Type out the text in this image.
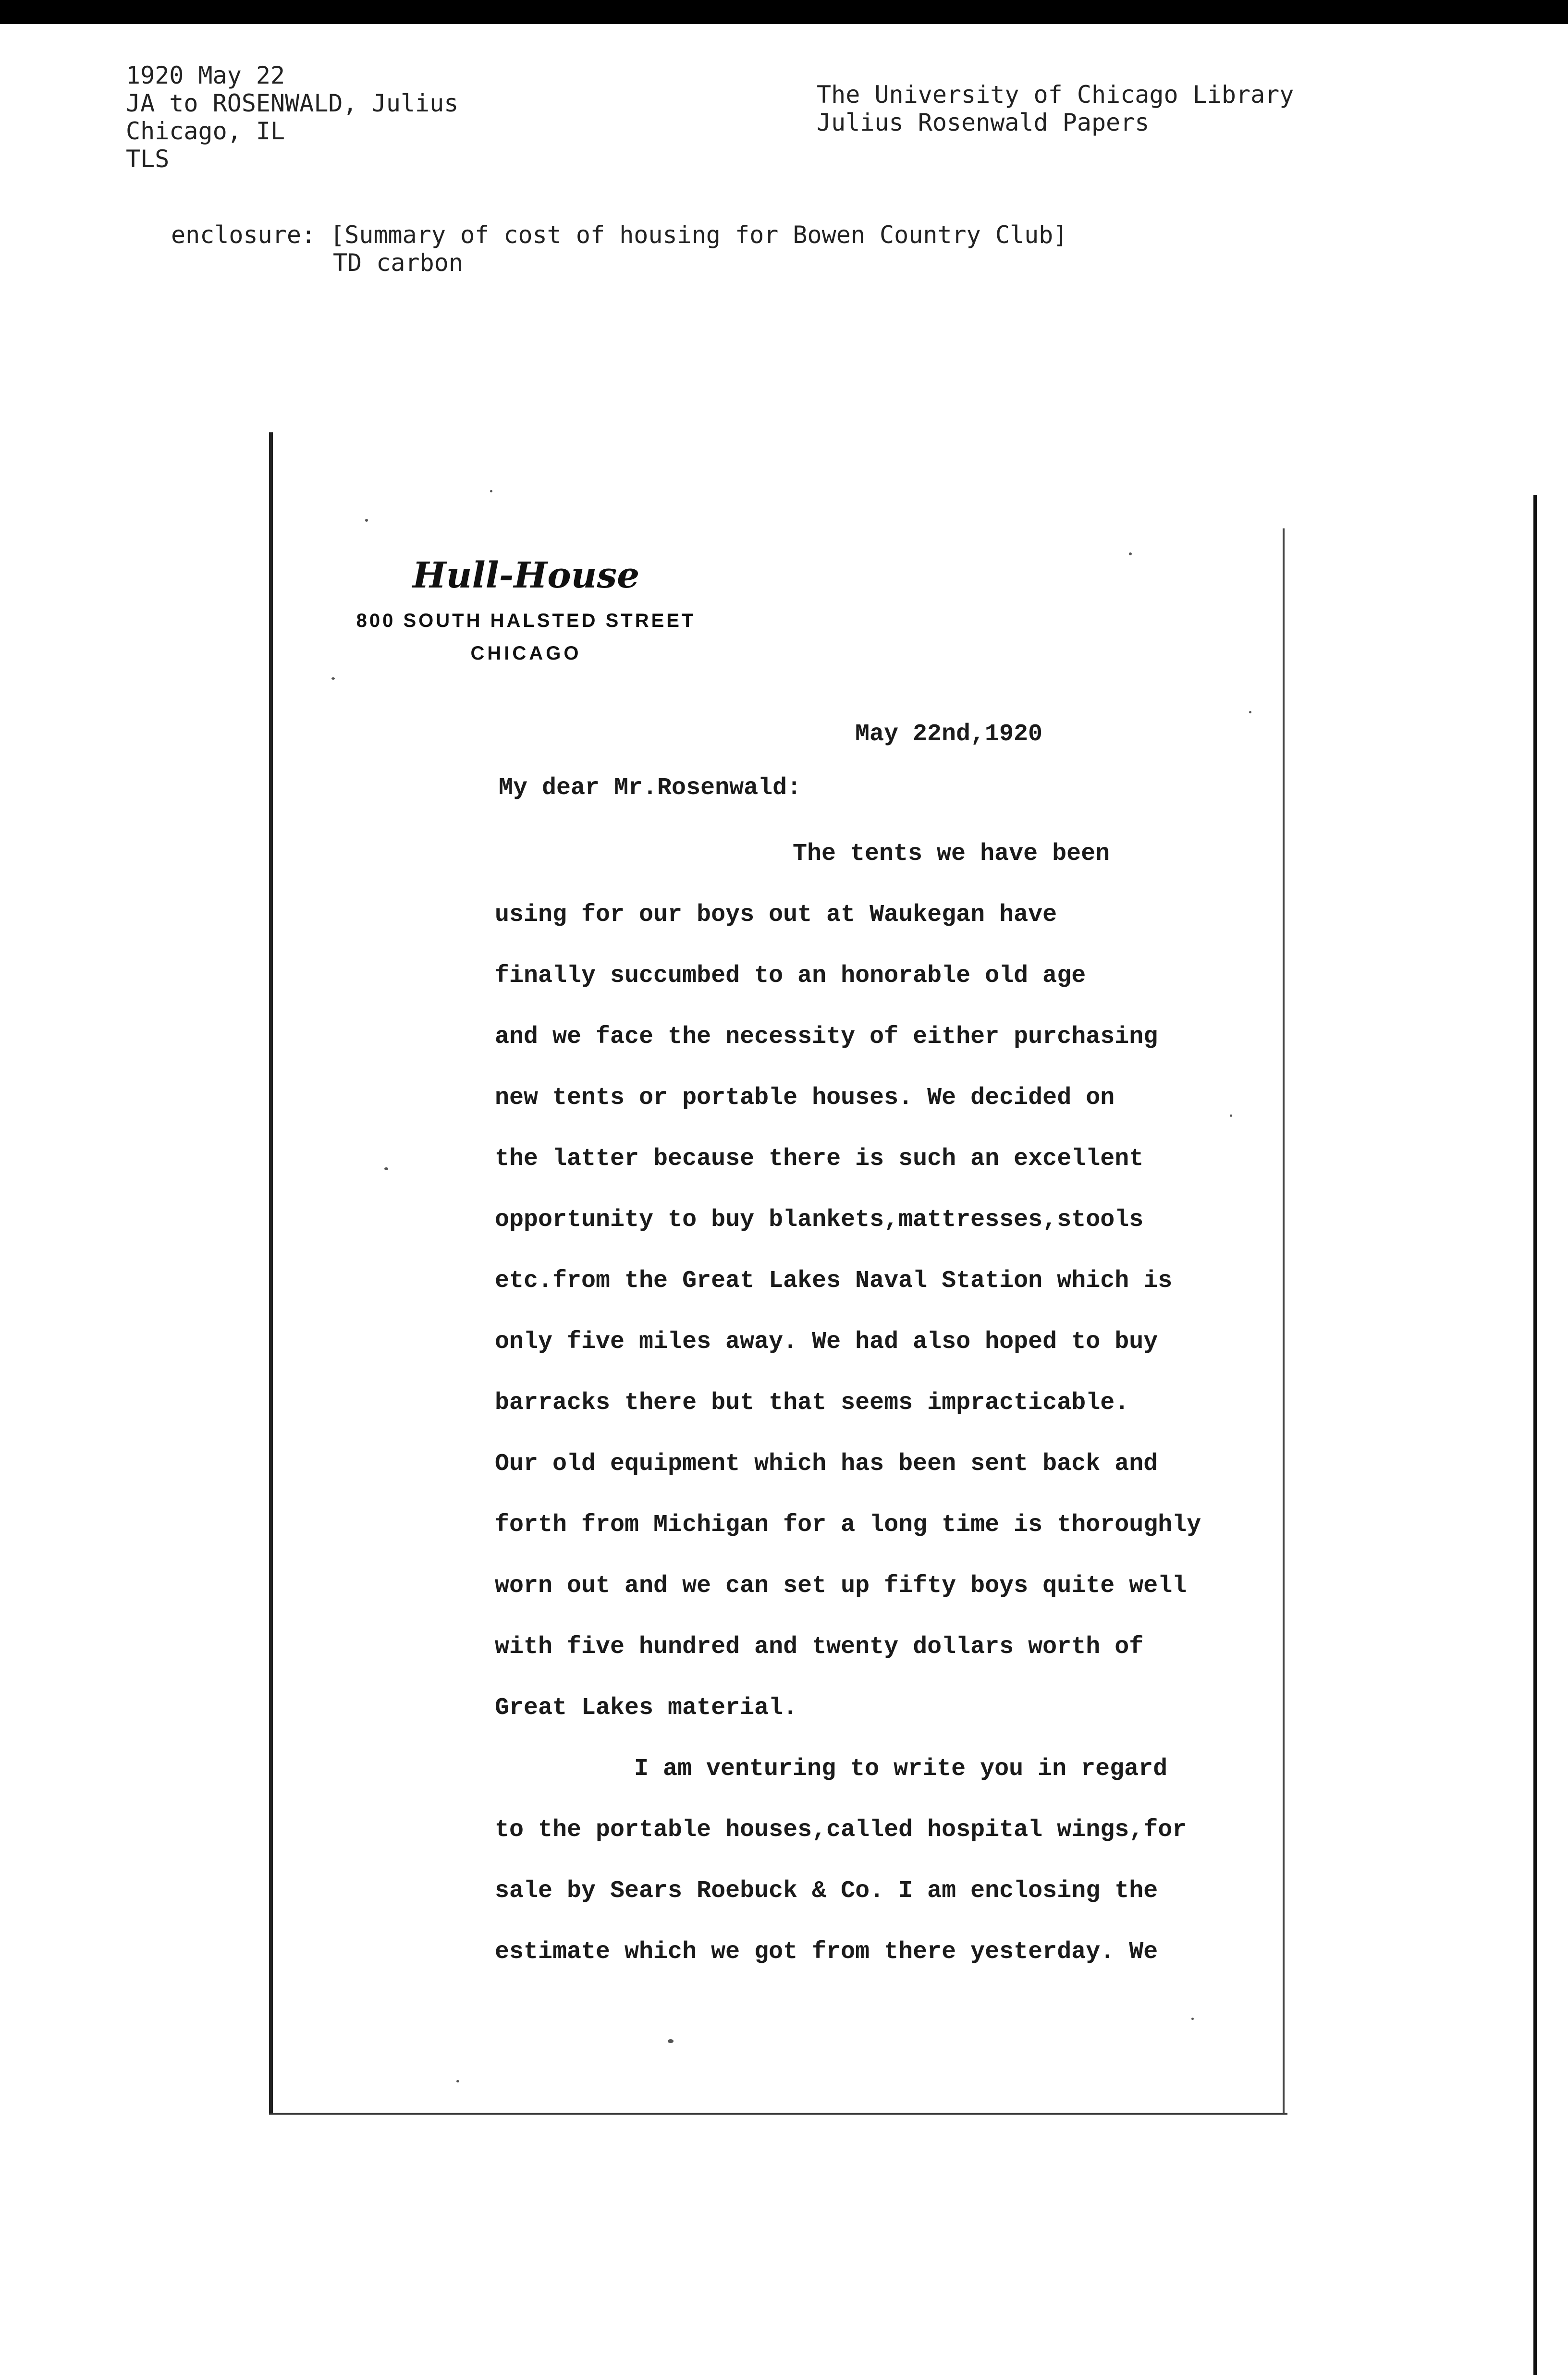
1920 May 22
JA to ROSENWALD, Julius
Chicago, IL
TLS
The University of Chicago Library
Julius Rosenwald Papers
enclosure: [Summary of cost of housing for Bowen Country Club]
TD carbon
Hull-House
800 SOUTH HALSTED STREET
CHICAGO
May 22nd,1920
My dear Mr.Rosenwald:
The tents we have been
using for our boys out at Waukegan have
finally succumbed to an honorable old age
and we face the necessity of either purchasing
new tents or portable houses. We decided on
the latter because there is such an excellent
opportunity to buy blankets,mattresses,stools
etc.from the Great Lakes Naval Station which is
only five miles away. We had also hoped to buy
barracks there but that seems impracticable.
Our old equipment which has been sent back and
forth from Michigan for a long time is thoroughly
worn out and we can set up fifty boys quite well
with five hundred and twenty dollars worth of
Great Lakes material.
I am venturing to write you in regard
to the portable houses,called hospital wings,for
sale by Sears Roebuck & Co. I am enclosing the
estimate which we got from there yesterday. We
